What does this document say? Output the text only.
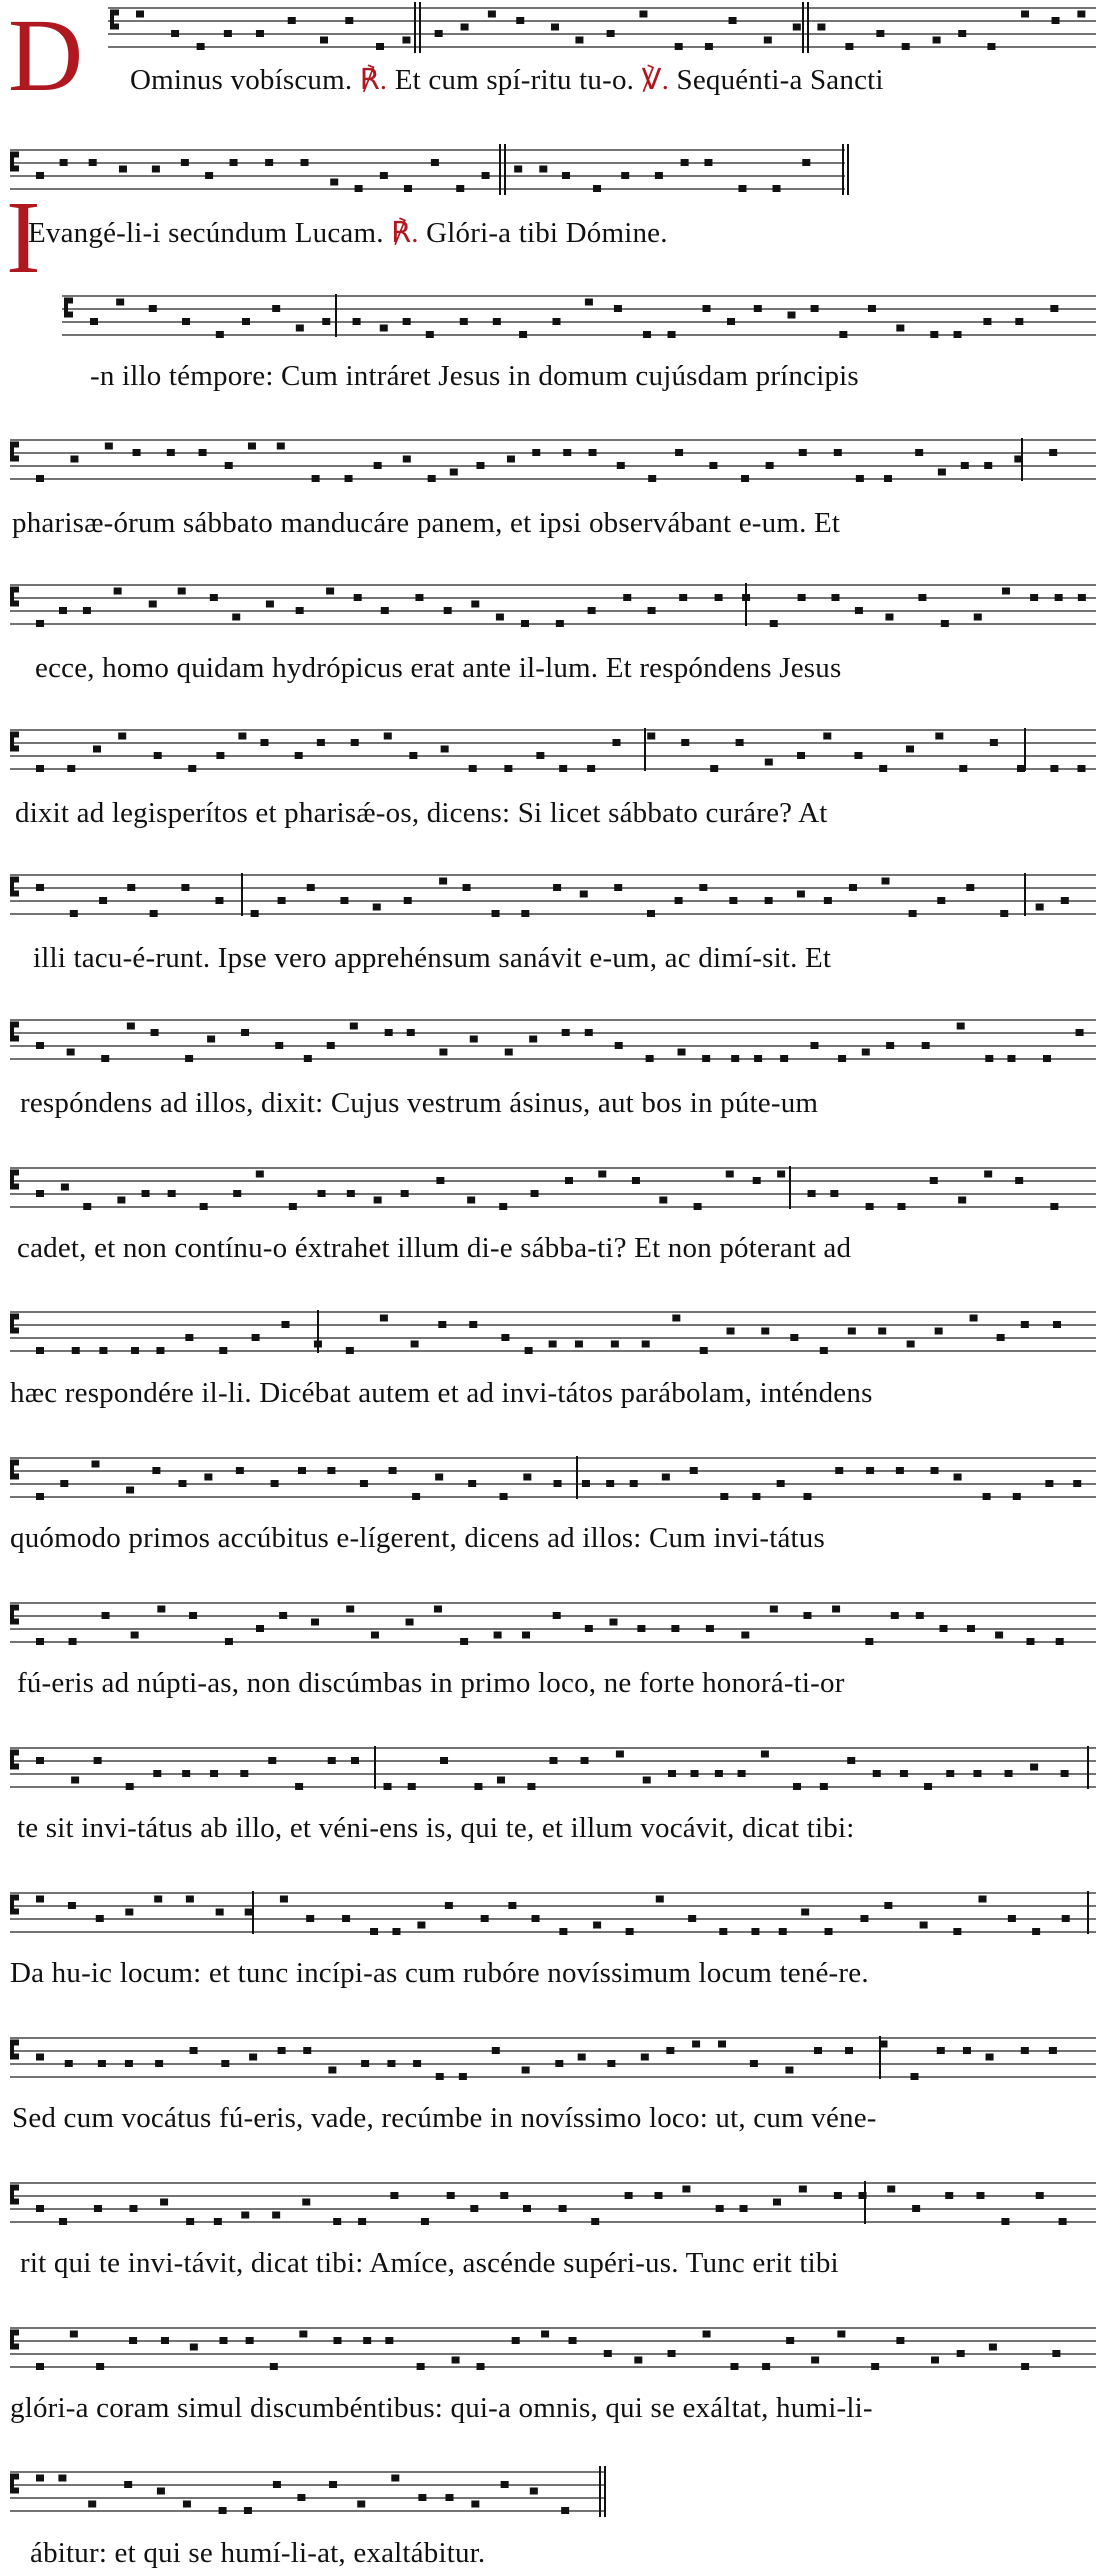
D
I
Ominus vobíscum. ℟. Et cum spí-ritu tu-o. ℣. Sequénti-a Sancti
Evangé-li-i secúndum Lucam. ℟. Glóri-a tibi Dómine.
-n illo témpore: Cum intráret Jesus in domum cujúsdam príncipis
pharisæ-órum sábbato manducáre panem, et ipsi observábant e-um. Et
ecce, homo quidam hydrópicus erat ante il-lum. Et respóndens Jesus
dixit ad legisperítos et pharisǽ-os, dicens: Si licet sábbato curáre? At
illi tacu-é-runt. Ipse vero apprehénsum sanávit e-um, ac dimí-sit. Et
respóndens ad illos, dixit: Cujus vestrum ásinus, aut bos in púte-um
cadet, et non contínu-o éxtrahet illum di-e sábba-ti? Et non póterant ad
hæc respondére il-li. Dicébat autem et ad invi-tátos parábolam, inténdens
quómodo primos accúbitus e-lígerent, dicens ad illos: Cum invi-tátus
fú-eris ad núpti-as, non discúmbas in primo loco, ne forte honorá-ti-or
te sit invi-tátus ab illo, et véni-ens is, qui te, et illum vocávit, dicat tibi:
Da hu-ic locum: et tunc incípi-as cum rubóre novíssimum locum tené-re.
Sed cum vocátus fú-eris, vade, recúmbe in novíssimo loco: ut, cum véne-
rit qui te invi-távit, dicat tibi: Amíce, ascénde supéri-us. Tunc erit tibi
glóri-a coram simul discumbéntibus: qui-a omnis, qui se exáltat, humi-li-
ábitur: et qui se humí-li-at, exaltábitur.
